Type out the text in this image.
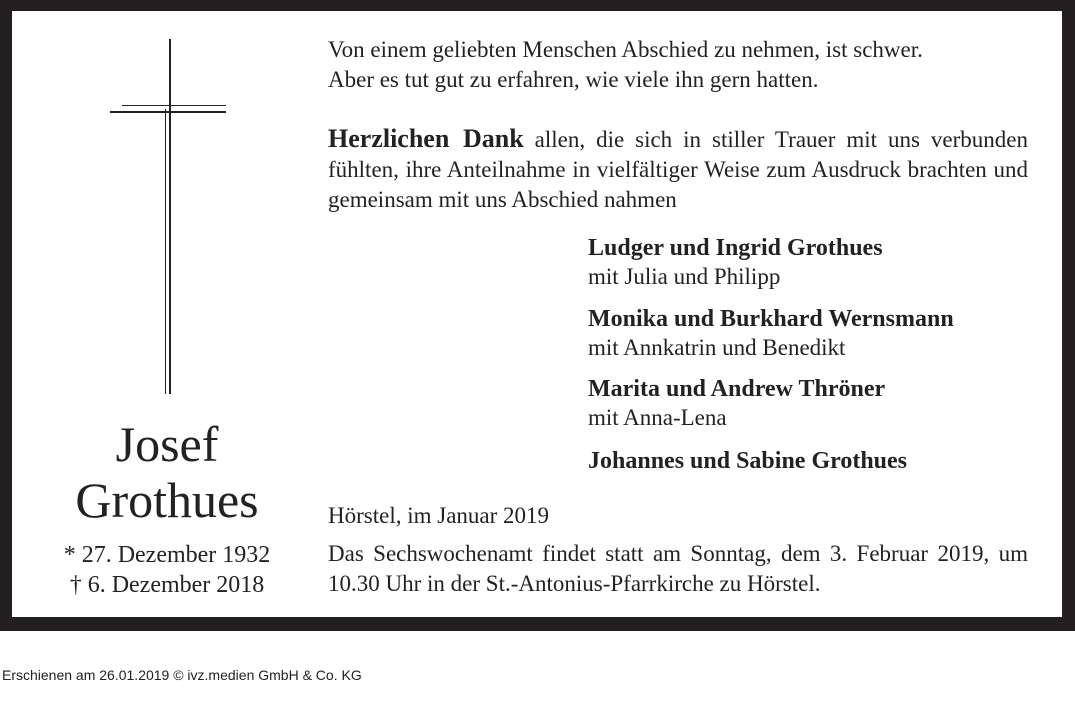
Josef
Grothues
* 27. Dezember 1932
† 6. Dezember 2018
Von einem geliebten Menschen Abschied zu nehmen, ist schwer.
Aber es tut gut zu erfahren, wie viele ihn gern hatten.
Herzlichen Dank allen, die sich in stiller Trauer mit uns verbunden fühlten, ihre Anteilnahme in vielfältiger Weise zum Ausdruck brachten und gemeinsam mit uns Abschied nahmen
Ludger und Ingrid Grothues
mit Julia und Philipp
Monika und Burkhard Wernsmann
mit Annkatrin und Benedikt
Marita und Andrew Thröner
mit Anna-Lena
Johannes und Sabine Grothues
Hörstel, im Januar 2019
Das Sechswochenamt findet statt am Sonntag, dem 3. Februar 2019, um 10.30 Uhr in der St.-Antonius-Pfarrkirche zu Hörstel.
Erschienen am 26.01.2019 © ivz.medien GmbH & Co. KG
